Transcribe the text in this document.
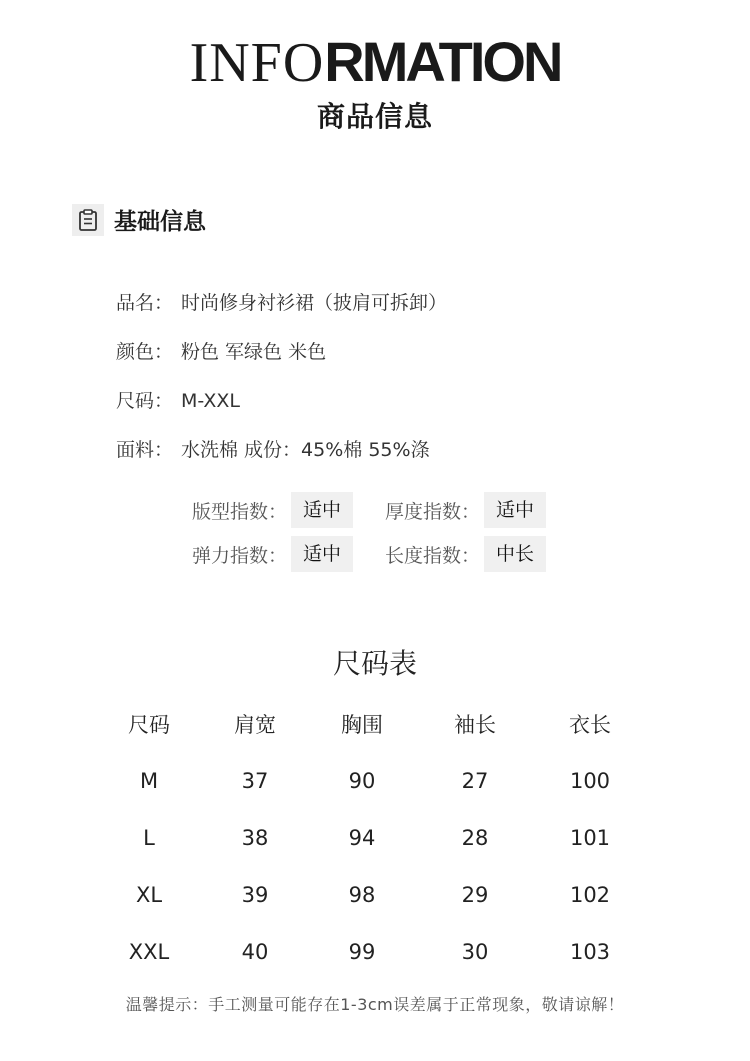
INFORMATION
商品信息
基础信息
品名： 时尚修身衬衫裙（披肩可拆卸）
颜色： 粉色 军绿色 米色
尺码： M-XXL
面料： 水洗棉 成份：45%棉 55%涤
版型指数： 适中	厚度指数： 适中
弹力指数： 适中	长度指数： 中长
尺码表
尺码	肩宽	胸围	袖长	衣长
M	37	90	27	100
L	38	94	28	101
XL	39	98	29	102
XXL	40	99	30	103
温馨提示：手工测量可能存在1-3cm误差属于正常现象，敬请谅解！
